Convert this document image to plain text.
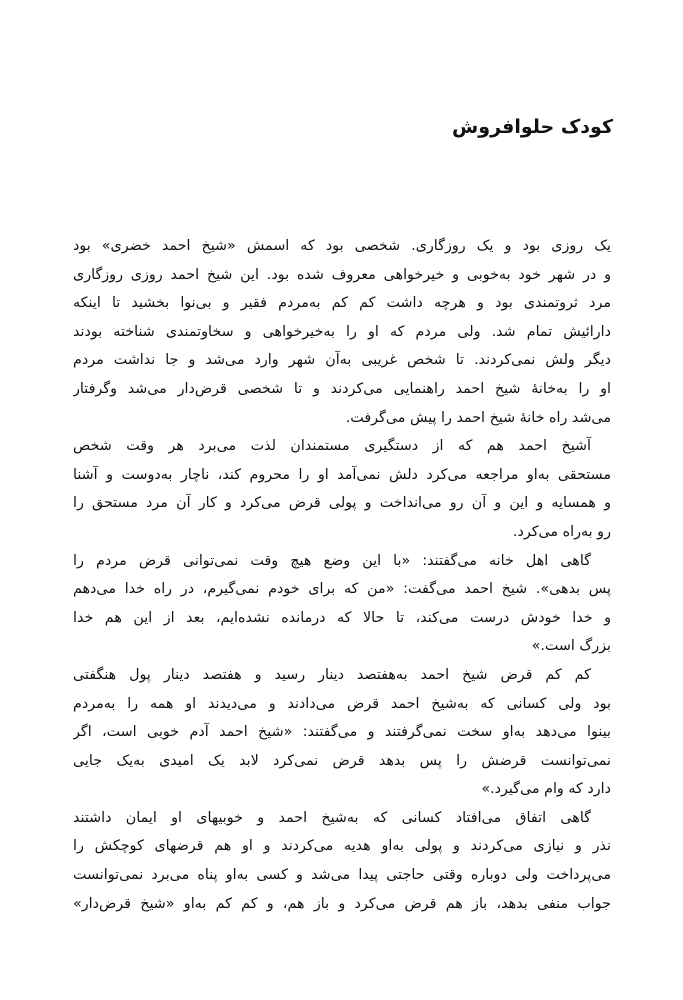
کودک حلوافروش
یک روزی بود و یک روزگاری. شخصی بود که اسمش «شیخ احمد خضری» بود
و در شهر خود به‌خوبی و خیرخواهی معروف شده بود. این شیخ احمد روزی روزگاری
مرد ثروتمندی بود و هرچه داشت کم کم به‌مردم فقیر و بی‌نوا بخشید تا اینکه
دارائیش تمام شد. ولی مردم که او را به‌خیرخواهی و سخاوتمندی شناخته بودند
دیگر ولش نمی‌کردند. تا شخص غریبی به‌آن شهر وارد می‌شد و جا نداشت مردم
او را به‌خانهٔ شیخ احمد راهنمایی می‌کردند و تا شخصی قرض‌دار می‌شد وگرفتار
می‌شد راه خانهٔ شیخ احمد را پیش می‌گرفت.
آشیخ احمد هم که از دستگیری مستمندان لذت می‌برد هر وقت شخص
مستحقی به‌او مراجعه می‌کرد دلش نمی‌آمد او را محروم کند، ناچار به‌دوست و آشنا
و همسایه و این و آن رو می‌انداخت و پولی قرض می‌کرد و کار آن مرد مستحق را
رو به‌راه می‌کرد.
گاهی اهل خانه می‌گفتند: «با این وضع هیچ وقت نمی‌توانی قرض مردم را
پس بدهی». شیخ احمد می‌گفت: «من که برای خودم نمی‌گیرم، در راه خدا می‌دهم
و خدا خودش درست می‌کند، تا حالا که درمانده نشده‌ایم، بعد از این هم خدا
بزرگ است.»
کم کم قرض شیخ احمد به‌هفتصد دینار رسید و هفتصد دینار پول هنگفتی
بود ولی کسانی که به‌شیخ احمد قرض می‌دادند و می‌دیدند او همه را به‌مردم
بینوا می‌دهد به‌او سخت نمی‌گرفتند و می‌گفتند: «شیخ احمد آدم خوبی است، اگر
نمی‌توانست قرضش را پس بدهد قرض نمی‌کرد لابد یک امیدی به‌یک جایی
دارد که وام می‌گیرد.»
گاهی اتفاق می‌افتاد کسانی که به‌شیخ احمد و خوبیهای او ایمان داشتند
نذر و نیازی می‌کردند و پولی به‌او هدیه می‌کردند و او هم قرضهای کوچکش را
می‌پرداخت ولی دوباره وقتی حاجتی پیدا می‌شد و کسی به‌او پناه می‌برد نمی‌توانست
جواب منفی بدهد، باز هم قرض می‌کرد و باز هم، و کم کم به‌او «شیخ قرض‌دار»
